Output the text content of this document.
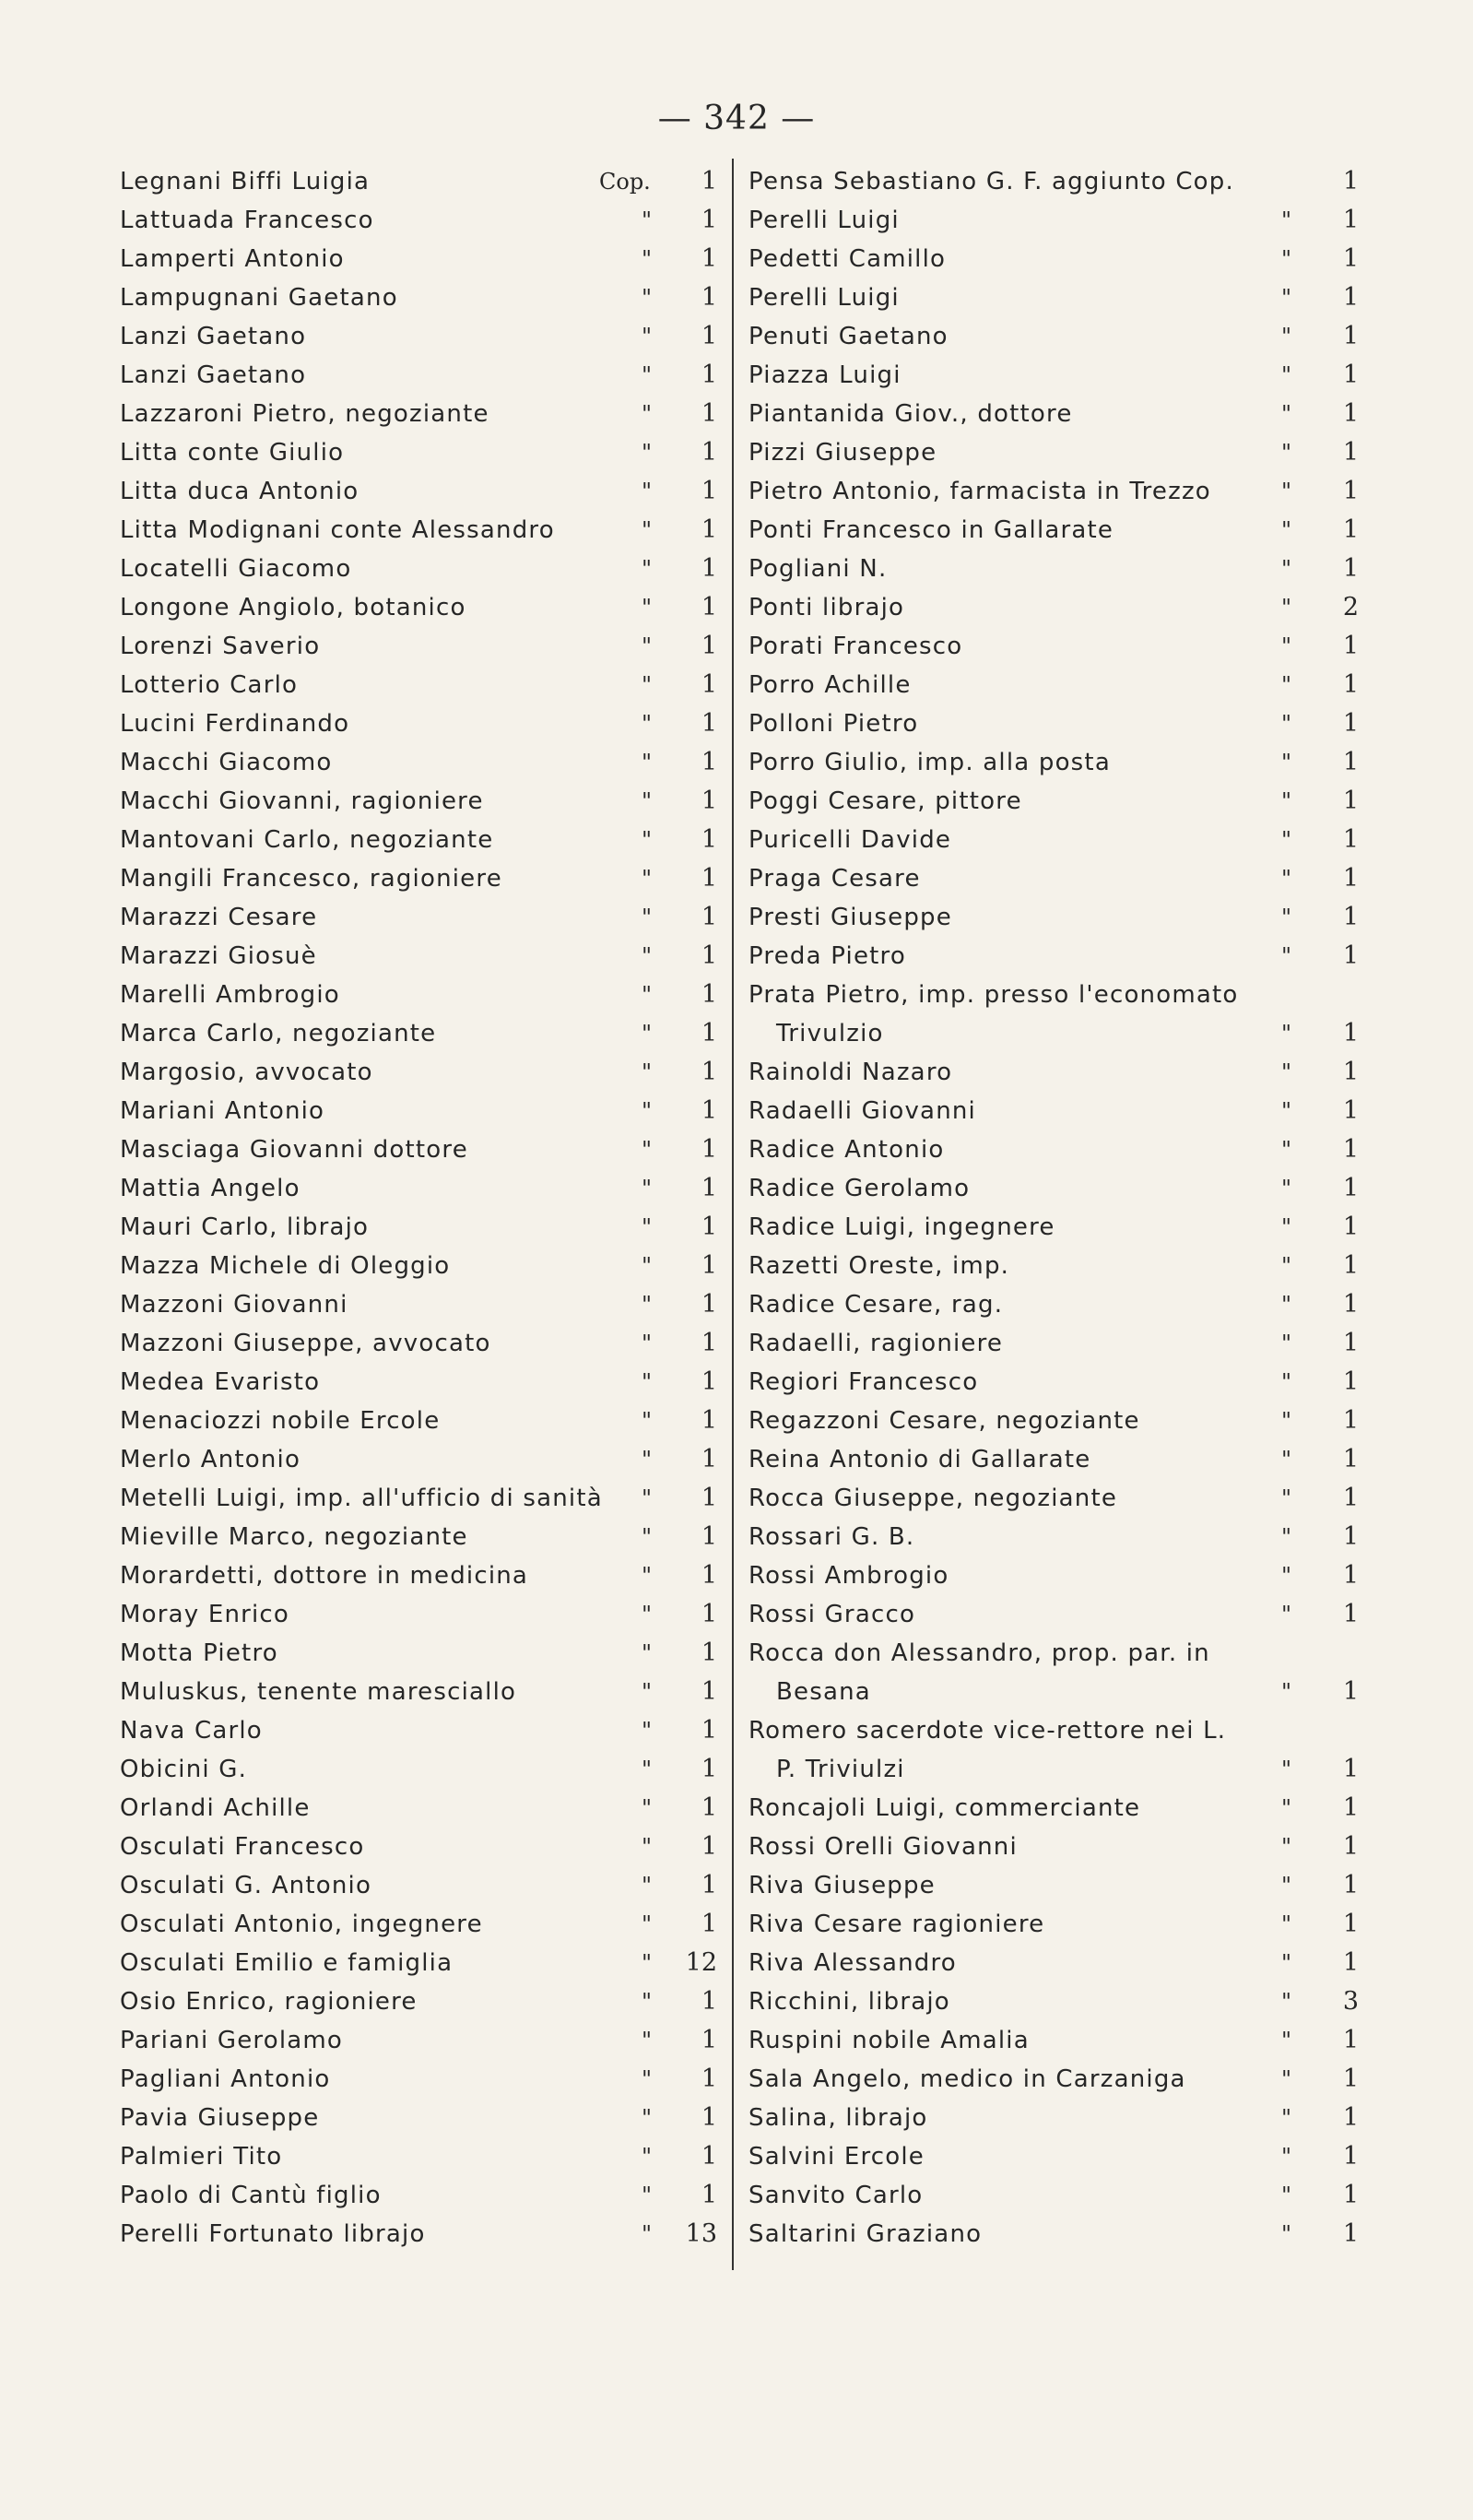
— 342 —
Legnani Biffi Luigia	Cop.	1
Lattuada Francesco	"	1
Lamperti Antonio	"	1
Lampugnani Gaetano	"	1
Lanzi Gaetano	"	1
Lanzi Gaetano	"	1
Lazzaroni Pietro, negoziante	"	1
Litta conte Giulio	"	1
Litta duca Antonio	"	1
Litta Modignani conte Alessandro	"	1
Locatelli Giacomo	"	1
Longone Angiolo, botanico	"	1
Lorenzi Saverio	"	1
Lotterio Carlo	"	1
Lucini Ferdinando	"	1
Macchi Giacomo	"	1
Macchi Giovanni, ragioniere	"	1
Mantovani Carlo, negoziante	"	1
Mangili Francesco, ragioniere	"	1
Marazzi Cesare	"	1
Marazzi Giosuè	"	1
Marelli Ambrogio	"	1
Marca Carlo, negoziante	"	1
Margosio, avvocato	"	1
Mariani Antonio	"	1
Masciaga Giovanni dottore	"	1
Mattia Angelo	"	1
Mauri Carlo, librajo	"	1
Mazza Michele di Oleggio	"	1
Mazzoni Giovanni	"	1
Mazzoni Giuseppe, avvocato	"	1
Medea Evaristo	"	1
Menaciozzi nobile Ercole	"	1
Merlo Antonio	"	1
Metelli Luigi, imp. all'ufficio di sanità "	1
Mieville Marco, negoziante	"	1
Morardetti, dottore in medicina	"	1
Moray Enrico	"	1
Motta Pietro	"	1
Muluskus, tenente maresciallo	"	1
Nava Carlo	"	1
Obicini G.	"	1
Orlandi Achille	"	1
Osculati Francesco	"	1
Osculati G. Antonio	"	1
Osculati Antonio, ingegnere	"	1
Osculati Emilio e famiglia	" 12
Osio Enrico, ragioniere	"	1
Pariani Gerolamo	"	1
Pagliani Antonio	"	1
Pavia Giuseppe	"	1
Palmieri Tito	"	1
Paolo di Cantù figlio	"	1
Perelli Fortunato librajo	" 13
Pensa Sebastiano G. F. aggiunto Cop.	1
Perelli Luigi	"	1
Pedetti Camillo	"	1
Perelli Luigi	"	1
Penuti Gaetano	"	1
Piazza Luigi	"	1
Piantanida Giov., dottore	"	1
Pizzi Giuseppe	"	1
Pietro Antonio, farmacista in Trezzo	"	1
Ponti Francesco in Gallarate	"	1
Pogliani N.	"	1
Ponti librajo	"	2
Porati Francesco	"	1
Porro Achille	"	1
Polloni Pietro	"	1
Porro Giulio, imp. alla posta	"	1
Poggi Cesare, pittore	"	1
Puricelli Davide	"	1
Praga Cesare	"	1
Presti Giuseppe	"	1
Preda Pietro	"	1
Prata Pietro, imp. presso l'economato
Trivulzio	"	1
Rainoldi Nazaro	"	1
Radaelli Giovanni	"	1
Radice Antonio	"	1
Radice Gerolamo	"	1
Radice Luigi, ingegnere	"	1
Razetti Oreste, imp.	"	1
Radice Cesare, rag.	"	1
Radaelli, ragioniere	"	1
Regiori Francesco	"	1
Regazzoni Cesare, negoziante	"	1
Reina Antonio di Gallarate	"	1
Rocca Giuseppe, negoziante	"	1
Rossari G. B.	"	1
Rossi Ambrogio	"	1
Rossi Gracco	"	1
Rocca don Alessandro, prop. par. in
Besana	"	1
Romero sacerdote vice-rettore nei L.
P. Triviulzi	"	1
Roncajoli Luigi, commerciante	"	1
Rossi Orelli Giovanni	"	1
Riva Giuseppe	"	1
Riva Cesare ragioniere	"	1
Riva Alessandro	"	1
Ricchini, librajo	"	3
Ruspini nobile Amalia	"	1
Sala Angelo, medico in Carzaniga	"	1
Salina, librajo	"	1
Salvini Ercole	"	1
Sanvito Carlo	"	1
Saltarini Graziano	"	1
